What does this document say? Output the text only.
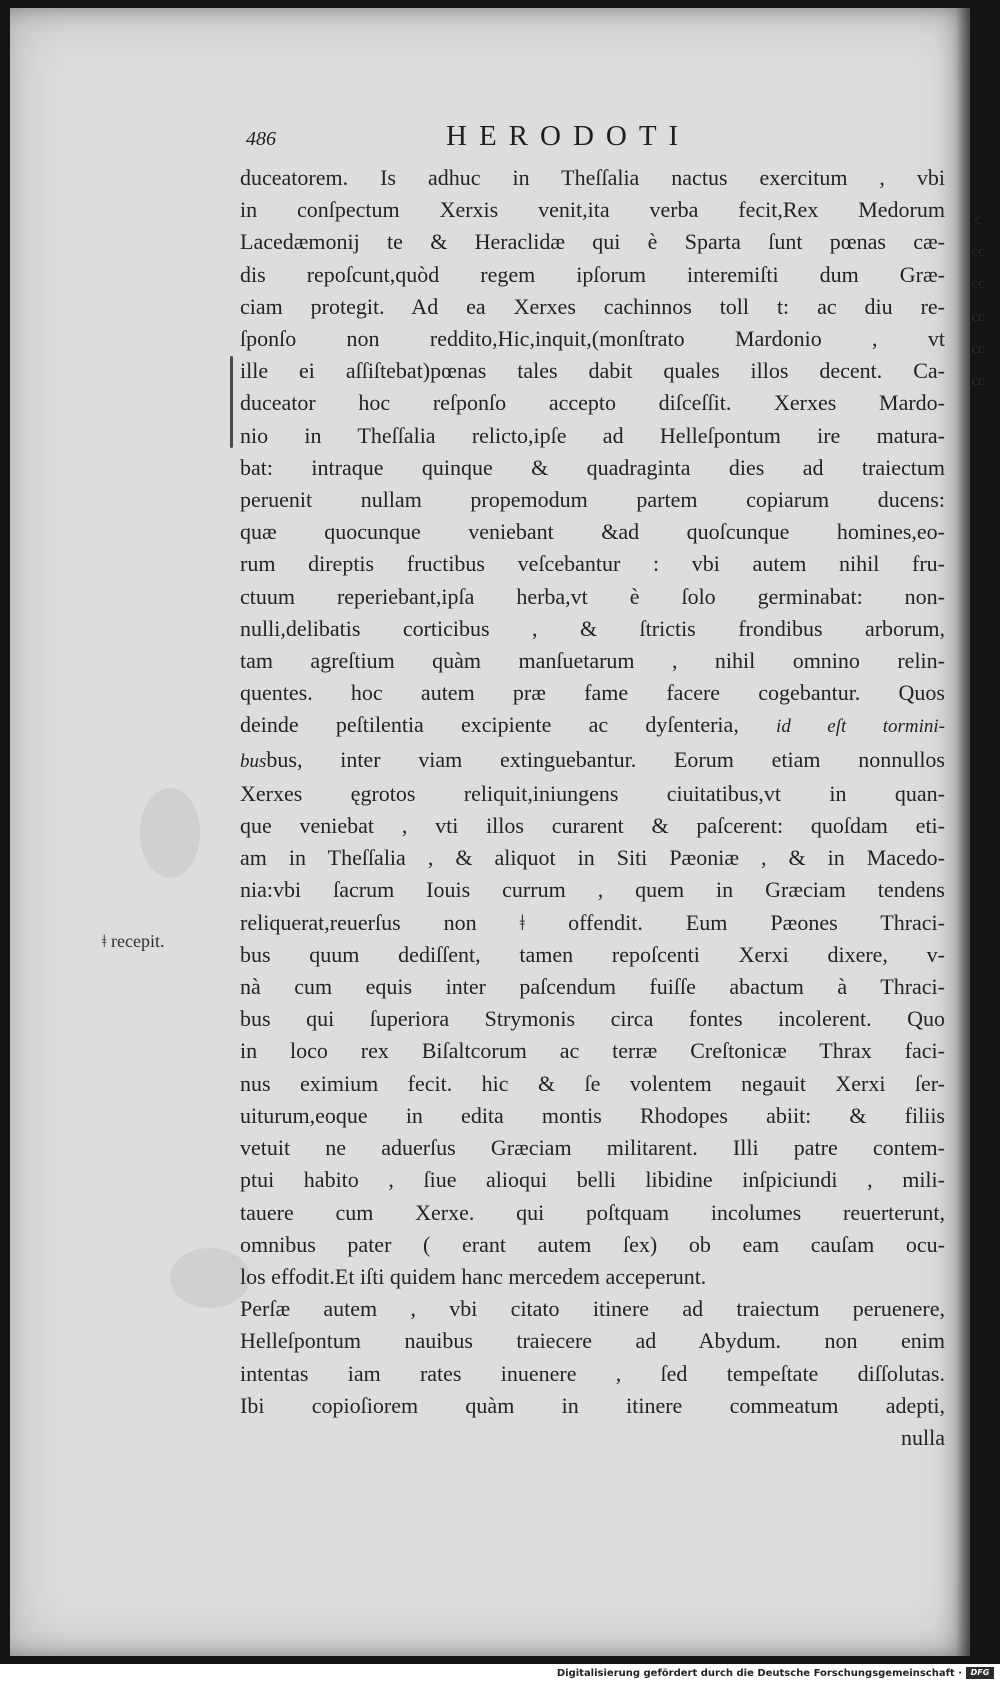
486	HERODOTI
c
cc
cc
cc
cc
cc
ǂ recepit.
duceatorem. Is adhuc in Theſſalia nactus exercitum , vbi
in conſpectum Xerxis venit,ita verba fecit,Rex Medorum
Lacedæmonij te & Heraclidæ qui è Sparta ſunt pœnas cæ-
dis repoſcunt,quòd regem ipſorum interemiſti dum Græ-
ciam protegit. Ad ea Xerxes cachinnos toll t: ac diu re-
ſponſo non reddito,Hic,inquit,(monſtrato Mardonio , vt
ille ei aſſiſtebat)pœnas tales dabit quales illos decent. Ca-
duceator hoc reſponſo accepto diſceſſit. Xerxes Mardo-
nio in Theſſalia relicto,ipſe ad Helleſpontum ire matura-
bat: intraque quinque & quadraginta dies ad traiectum
peruenit nullam propemodum partem copiarum ducens:
quæ quocunque veniebant &ad quoſcunque homines,eo-
rum direptis fructibus veſcebantur : vbi autem nihil fru-
ctuum reperiebant,ipſa herba,vt è ſolo germinabat: non-
nulli,delibatis corticibus , & ſtrictis frondibus arborum,
tam agreſtium quàm manſuetarum , nihil omnino relin-
quentes. hoc autem præ fame facere cogebantur. Quos
deinde peſtilentia excipiente ac dyſenteria, id eſt tormini-
busbus, inter viam extinguebantur. Eorum etiam nonnullos
Xerxes ęgrotos reliquit,iniungens ciuitatibus,vt in quan-
que veniebat , vti illos curarent & paſcerent: quoſdam eti-
am in Theſſalia , & aliquot in Siti Pæoniæ , & in Macedo-
nia:vbi ſacrum Iouis currum , quem in Græciam tendens
reliquerat,reuerſus non ǂ offendit. Eum Pæones Thraci-
bus quum dediſſent, tamen repoſcenti Xerxi dixere, v-
nà cum equis inter paſcendum fuiſſe abactum à Thraci-
bus qui ſuperiora Strymonis circa fontes incolerent. Quo
in loco rex Biſaltcorum ac terræ Creſtonicæ Thrax faci-
nus eximium fecit. hic & ſe volentem negauit Xerxi ſer-
uiturum,eoque in edita montis Rhodopes abiit: & filiis
vetuit ne aduerſus Græciam militarent. Illi patre contem-
ptui habito , ſiue alioqui belli libidine inſpiciundi , mili-
tauere cum Xerxe. qui poſtquam incolumes reuerterunt,
omnibus pater ( erant autem ſex) ob eam cauſam ocu-
los effodit.Et iſti quidem hanc mercedem acceperunt.
Perſæ autem , vbi citato itinere ad traiectum peruenere,
Helleſpontum nauibus traiecere ad Abydum. non enim
intentas iam rates inuenere , ſed tempeſtate diſſolutas.
Ibi copioſiorem quàm in itinere commeatum adepti,
nulla
Digitalisierung gefördert durch die Deutsche Forschungsgemeinschaft ·	DFG
